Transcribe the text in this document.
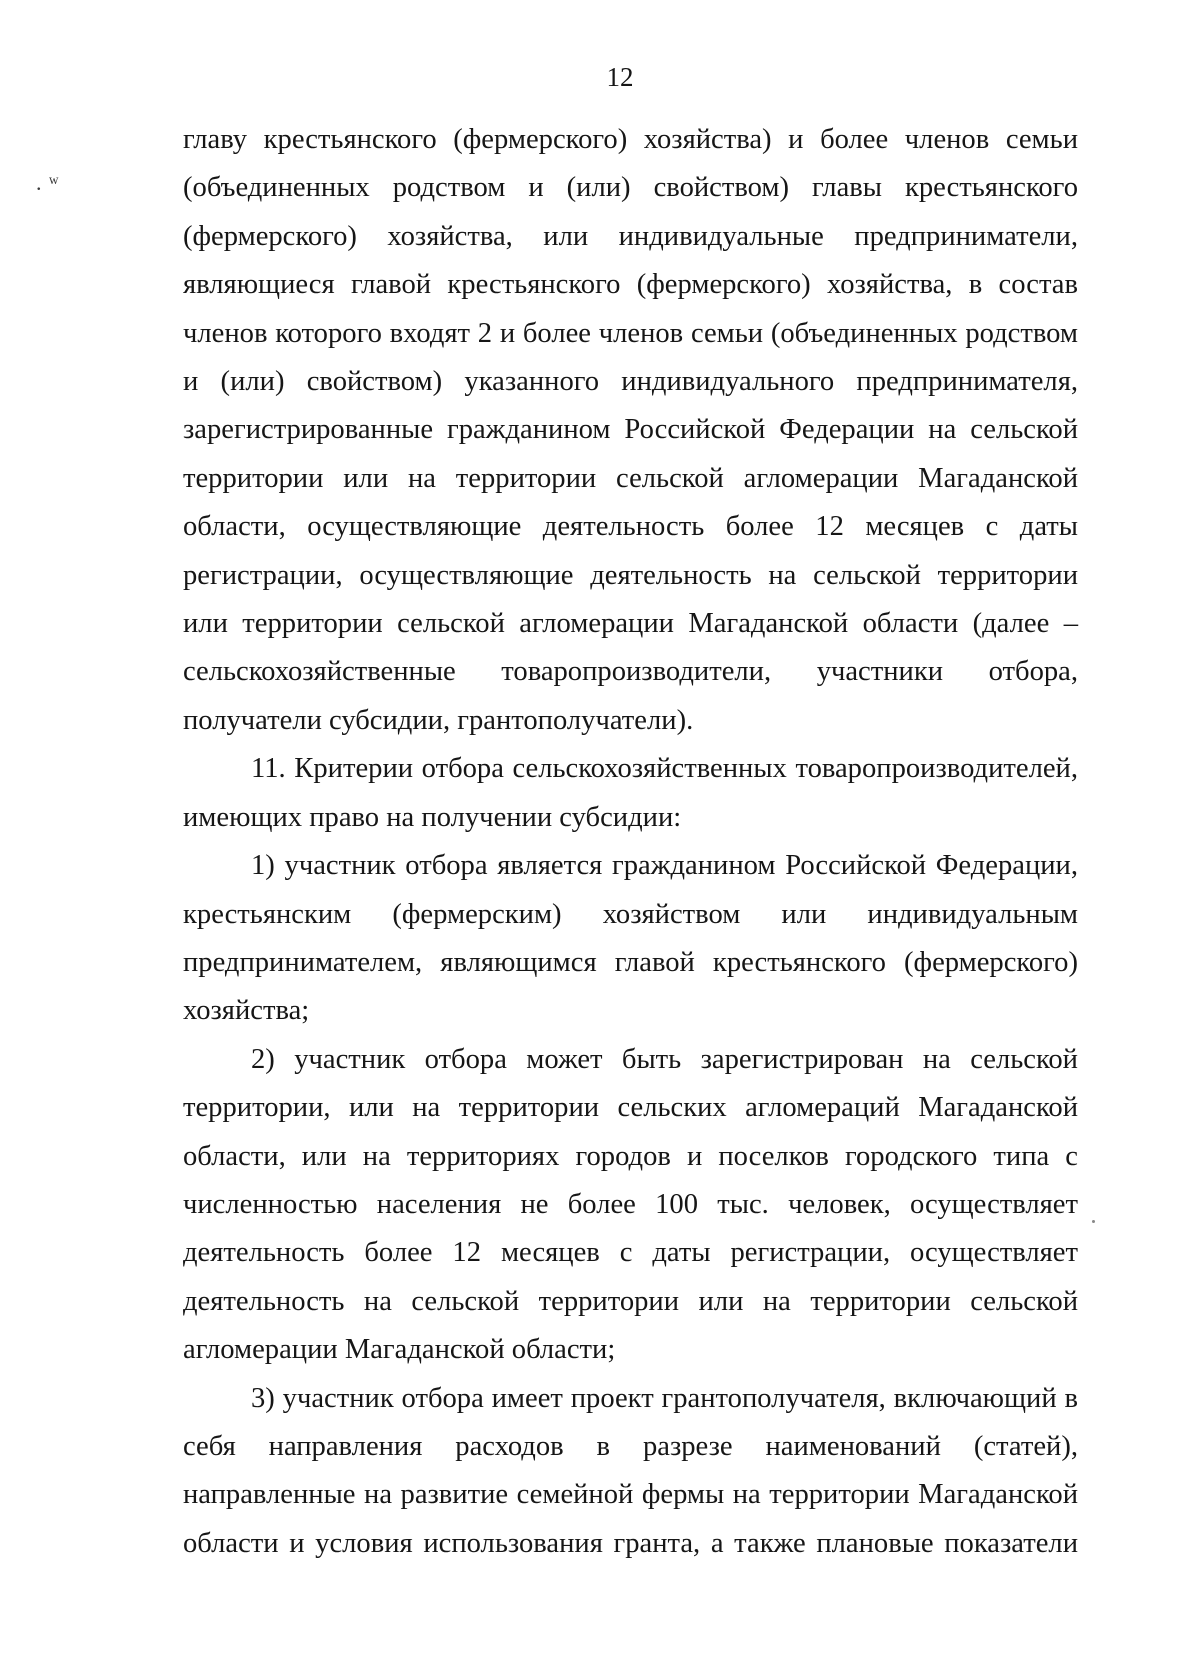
12
. ʷ

главу крестьянского (фермерского) хозяйства) и более членов семьи (объединенных родством и (или) свойством) главы крестьянского (фермерского) хозяйства, или индивидуальные предприниматели, являющиеся главой крестьянского (фермерского) хозяйства, в состав членов которого входят 2 и более членов семьи (объединенных родством и (или) свойством) указанного индивидуального предпринимателя, зарегистрированные гражданином Российской Федерации на сельской территории или на территории сельской агломерации Магаданской области, осуществляющие деятельность более 12 месяцев с даты регистрации, осуществляющие деятельность на сельской территории или территории сельской агломерации Магаданской области (далее – сельскохозяйственные товаропроизводители, участники отбора, получатели субсидии, грантополучатели).

11. Критерии отбора сельскохозяйственных товаропроизводителей, имеющих право на получении субсидии:

1) участник отбора является гражданином Российской Федерации, крестьянским (фермерским) хозяйством или индивидуальным предпринимателем, являющимся главой крестьянского (фермерского) хозяйства;

2) участник отбора может быть зарегистрирован на сельской территории, или на территории сельских агломераций Магаданской области, или на территориях городов и поселков городского типа с численностью населения не более 100 тыс. человек, осуществляет деятельность более 12 месяцев с даты регистрации, осуществляет деятельность на сельской территории или на территории сельской агломерации Магаданской области;

3) участник отбора имеет проект грантополучателя, включающий в себя направления расходов в разрезе наименований (статей), направленные на развитие семейной фермы на территории Магаданской области и условия использования гранта, а также плановые показатели
